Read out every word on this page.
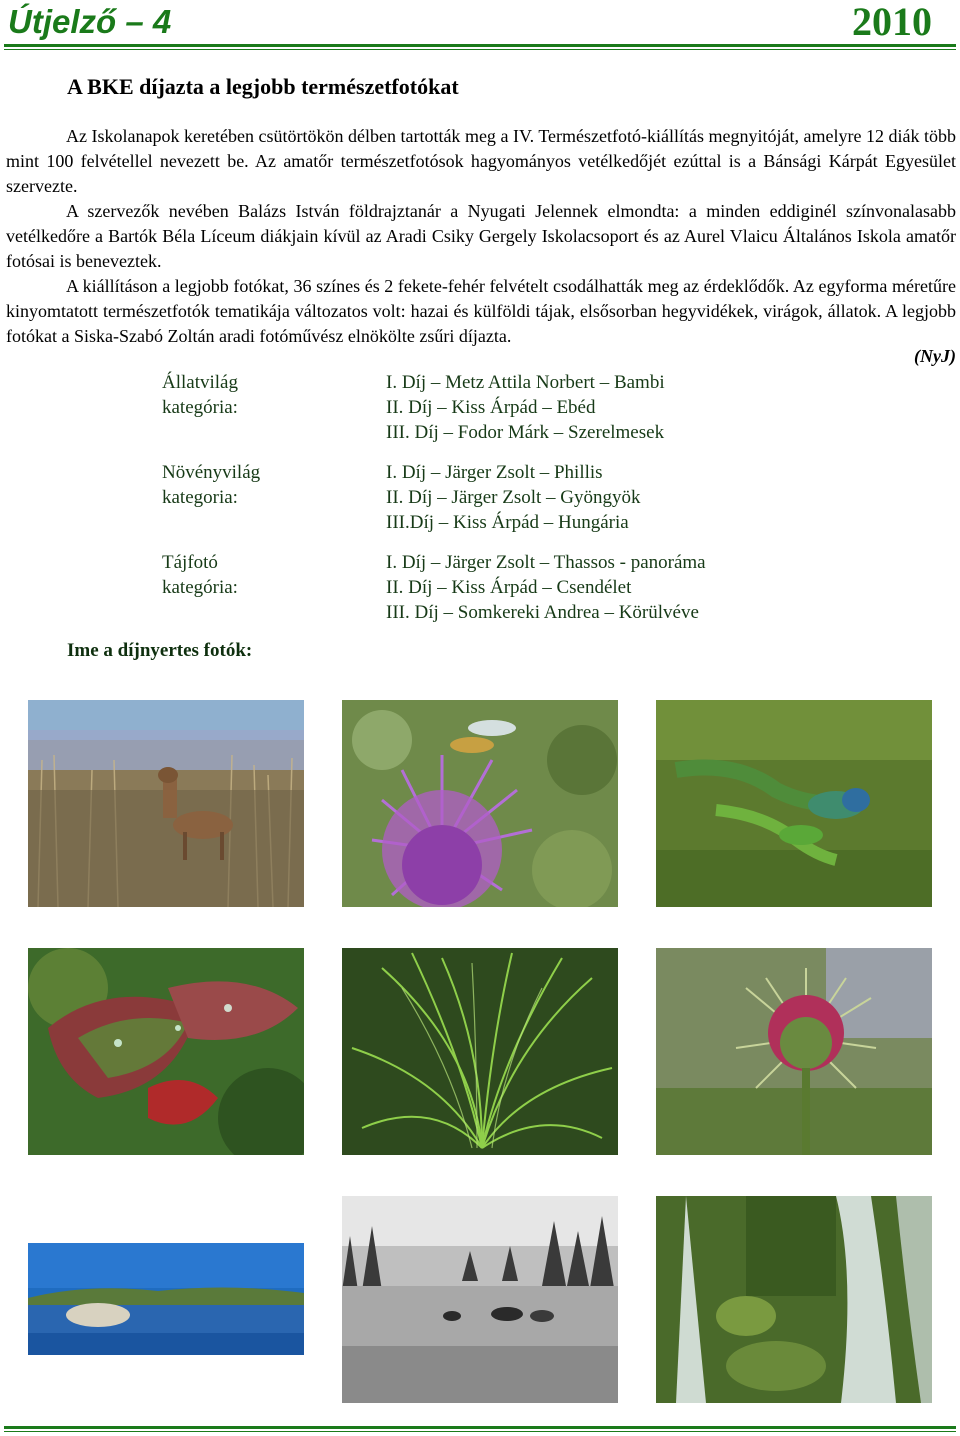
Útjelző – 4	2010
A BKE díjazta a legjobb természetfotókat

Az Iskolanapok keretében csütörtökön délben tartották meg a IV. Természetfotó-kiállítás megnyitóját, amelyre 12 diák több mint 100 felvétellel nevezett be. Az amatőr természetfotósok hagyományos vetélkedőjét ezúttal is a Bánsági Kárpát Egyesület szervezte.

A szervezők nevében Balázs István földrajztanár a Nyugati Jelennek elmondta: a minden eddiginél színvonalasabb vetélkedőre a Bartók Béla Líceum diákjain kívül az Aradi Csiky Gergely Iskolacsoport és az Aurel Vlaicu Általános Iskola amatőr fotósai is beneveztek.

A kiállításon a legjobb fotókat, 36 színes és 2 fekete-fehér felvételt csodálhatták meg az érdeklődők. Az egyforma méretűre kinyomtatott természetfotók tematikája változatos volt: hazai és külföldi tájak, elsősorban hegyvidékek, virágok, állatok. A legjobb fotókat a Siska-Szabó Zoltán aradi fotóművész elnökölte zsűri díjazta.

(NyJ)
Állatvilág kategória:
I. Díj – Metz Attila Norbert – Bambi
II. Díj – Kiss Árpád – Ebéd
III. Díj – Fodor Márk – Szerelmesek
Növényvilág kategoria:
I. Díj – Järger Zsolt – Phillis
II. Díj – Järger Zsolt – Gyöngyök
III.Díj – Kiss Árpád – Hungária
Tájfotó kategória:
I. Díj – Järger Zsolt – Thassos - panoráma
II. Díj – Kiss Árpád – Csendélet
III. Díj – Somkereki Andrea – Körülvéve
Ime a díjnyertes fotók:
